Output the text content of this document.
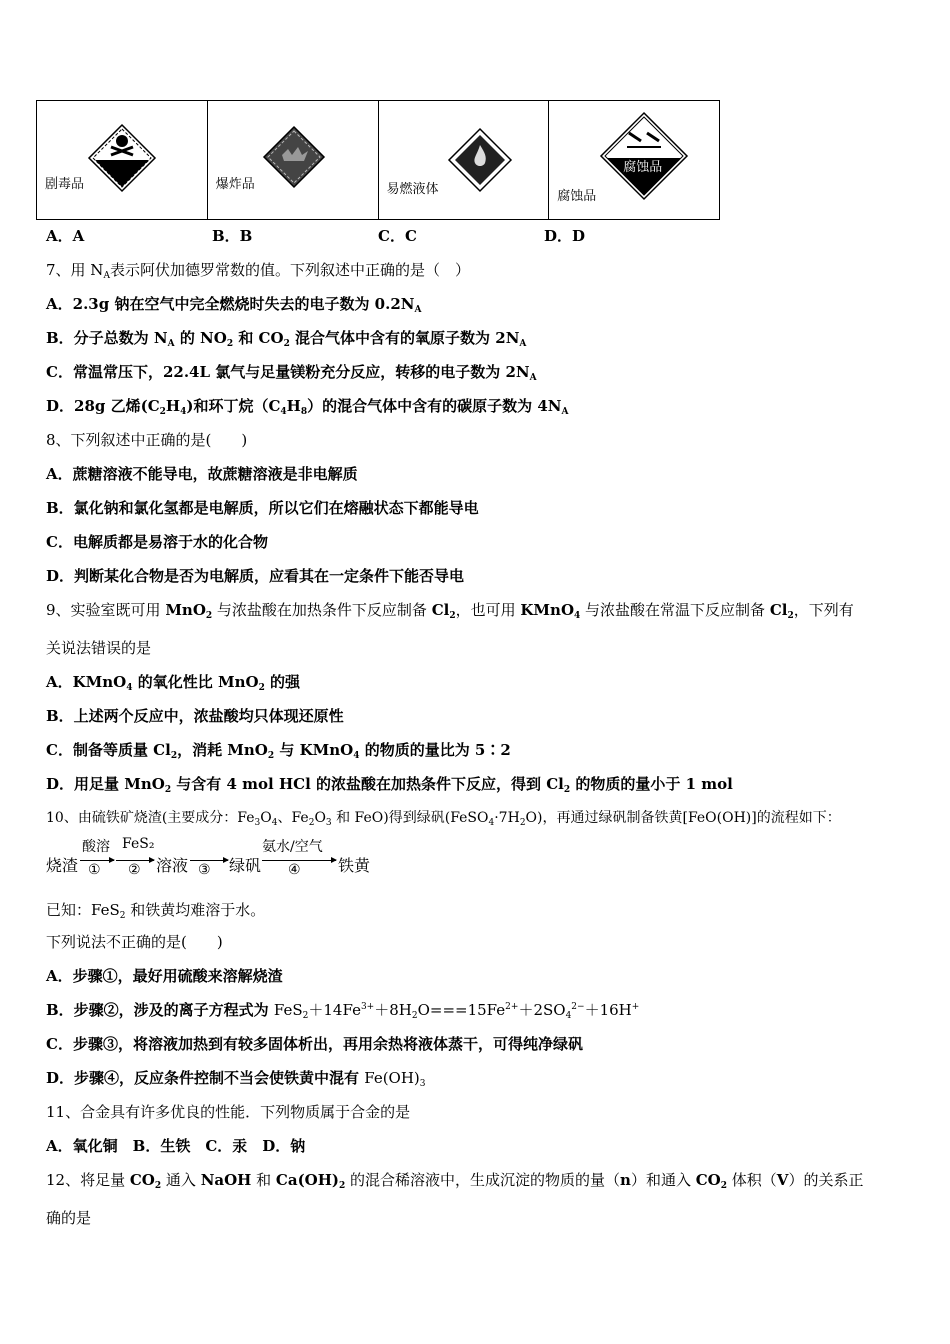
剧毒品	爆炸品	易燃液体
腐蚀品
腐蚀品
A．A	B．B	C．C	D．D
7、用 $N_A$表示阿伏加德罗常数的值。下列叙述中正确的是（　）
A．2.3g 钠在空气中完全燃烧时失去的电子数为 $0.2N_A$
B．分子总数为 $N_A$ 的 $NO_2$ 和 $CO_2$ 混合气体中含有的氧原子数为 $2N_A$
C．常温常压下，22.4L 氯气与足量镁粉充分反应，转移的电子数为 $2N_A$
D．28g 乙烯$(C_2H_4)$和环丁烷$(C_4H_8)$的混合气体中含有的碳原子数为 $4N_A$
8、下列叙述中正确的是(　　)
A．蔗糖溶液不能导电，故蔗糖溶液是非电解质
B．氯化钠和氯化氢都是电解质，所以它们在熔融状态下都能导电
C．电解质都是易溶于水的化合物
D．判断某化合物是否为电解质，应看其在一定条件下能否导电
9、实验室既可用 MnO$_2$ 与浓盐酸在加热条件下反应制备 $Cl_2$，也可用 KMnO$_4$ 与浓盐酸在常温下反应制备 $Cl_2$，下列有
关说法错误的是
A．KMnO$_4$ 的氧化性比 MnO$_2$ 的强
B．上述两个反应中，浓盐酸均只体现还原性
C．制备等质量 $Cl_2$，消耗 MnO$_2$ 与 KMnO$_4$ 的物质的量比为 5∶2
D．用足量 MnO$_2$ 与含有 4 mol HCl 的浓盐酸在加热条件下反应，得到 $Cl_2$ 的物质的量小于 1 mol
10、由硫铁矿烧渣(主要成分：$Fe_3O_4$、$Fe_2O_3$ 和 FeO)得到绿矾$(FeSO_4\cdot 7H_2O)$，再通过绿矾制备铁黄[FeO(OH)]的流程如下：
烧渣
酸溶
①
FeS₂
② 溶液 ③ 绿矾
氨水/空气
④ 铁黄
已知：FeS$_2$ 和铁黄均难溶于水。
下列说法不正确的是(　　)
A．步骤①，最好用硫酸来溶解烧渣
B．步骤②，涉及的离子方程式为 $FeS_2+14Fe^{3+}+8H_2O===15Fe^{2+}+2SO_4^{2-}+16H^+$
C．步骤③，将溶液加热到有较多固体析出，再用余热将液体蒸干，可得纯净绿矾
D．步骤④，反应条件控制不当会使铁黄中混有 $Fe(OH)_3$
11、合金具有许多优良的性能．下列物质属于合金的是
A．氧化铜　B．生铁　C．汞　D．钠
12、将足量 $CO_2$ 通入 NaOH 和 $Ca(OH)_2$ 的混合稀溶液中，生成沉淀的物质的量（n）和通入 $CO_2$ 体积（V）的关系正
确的是
